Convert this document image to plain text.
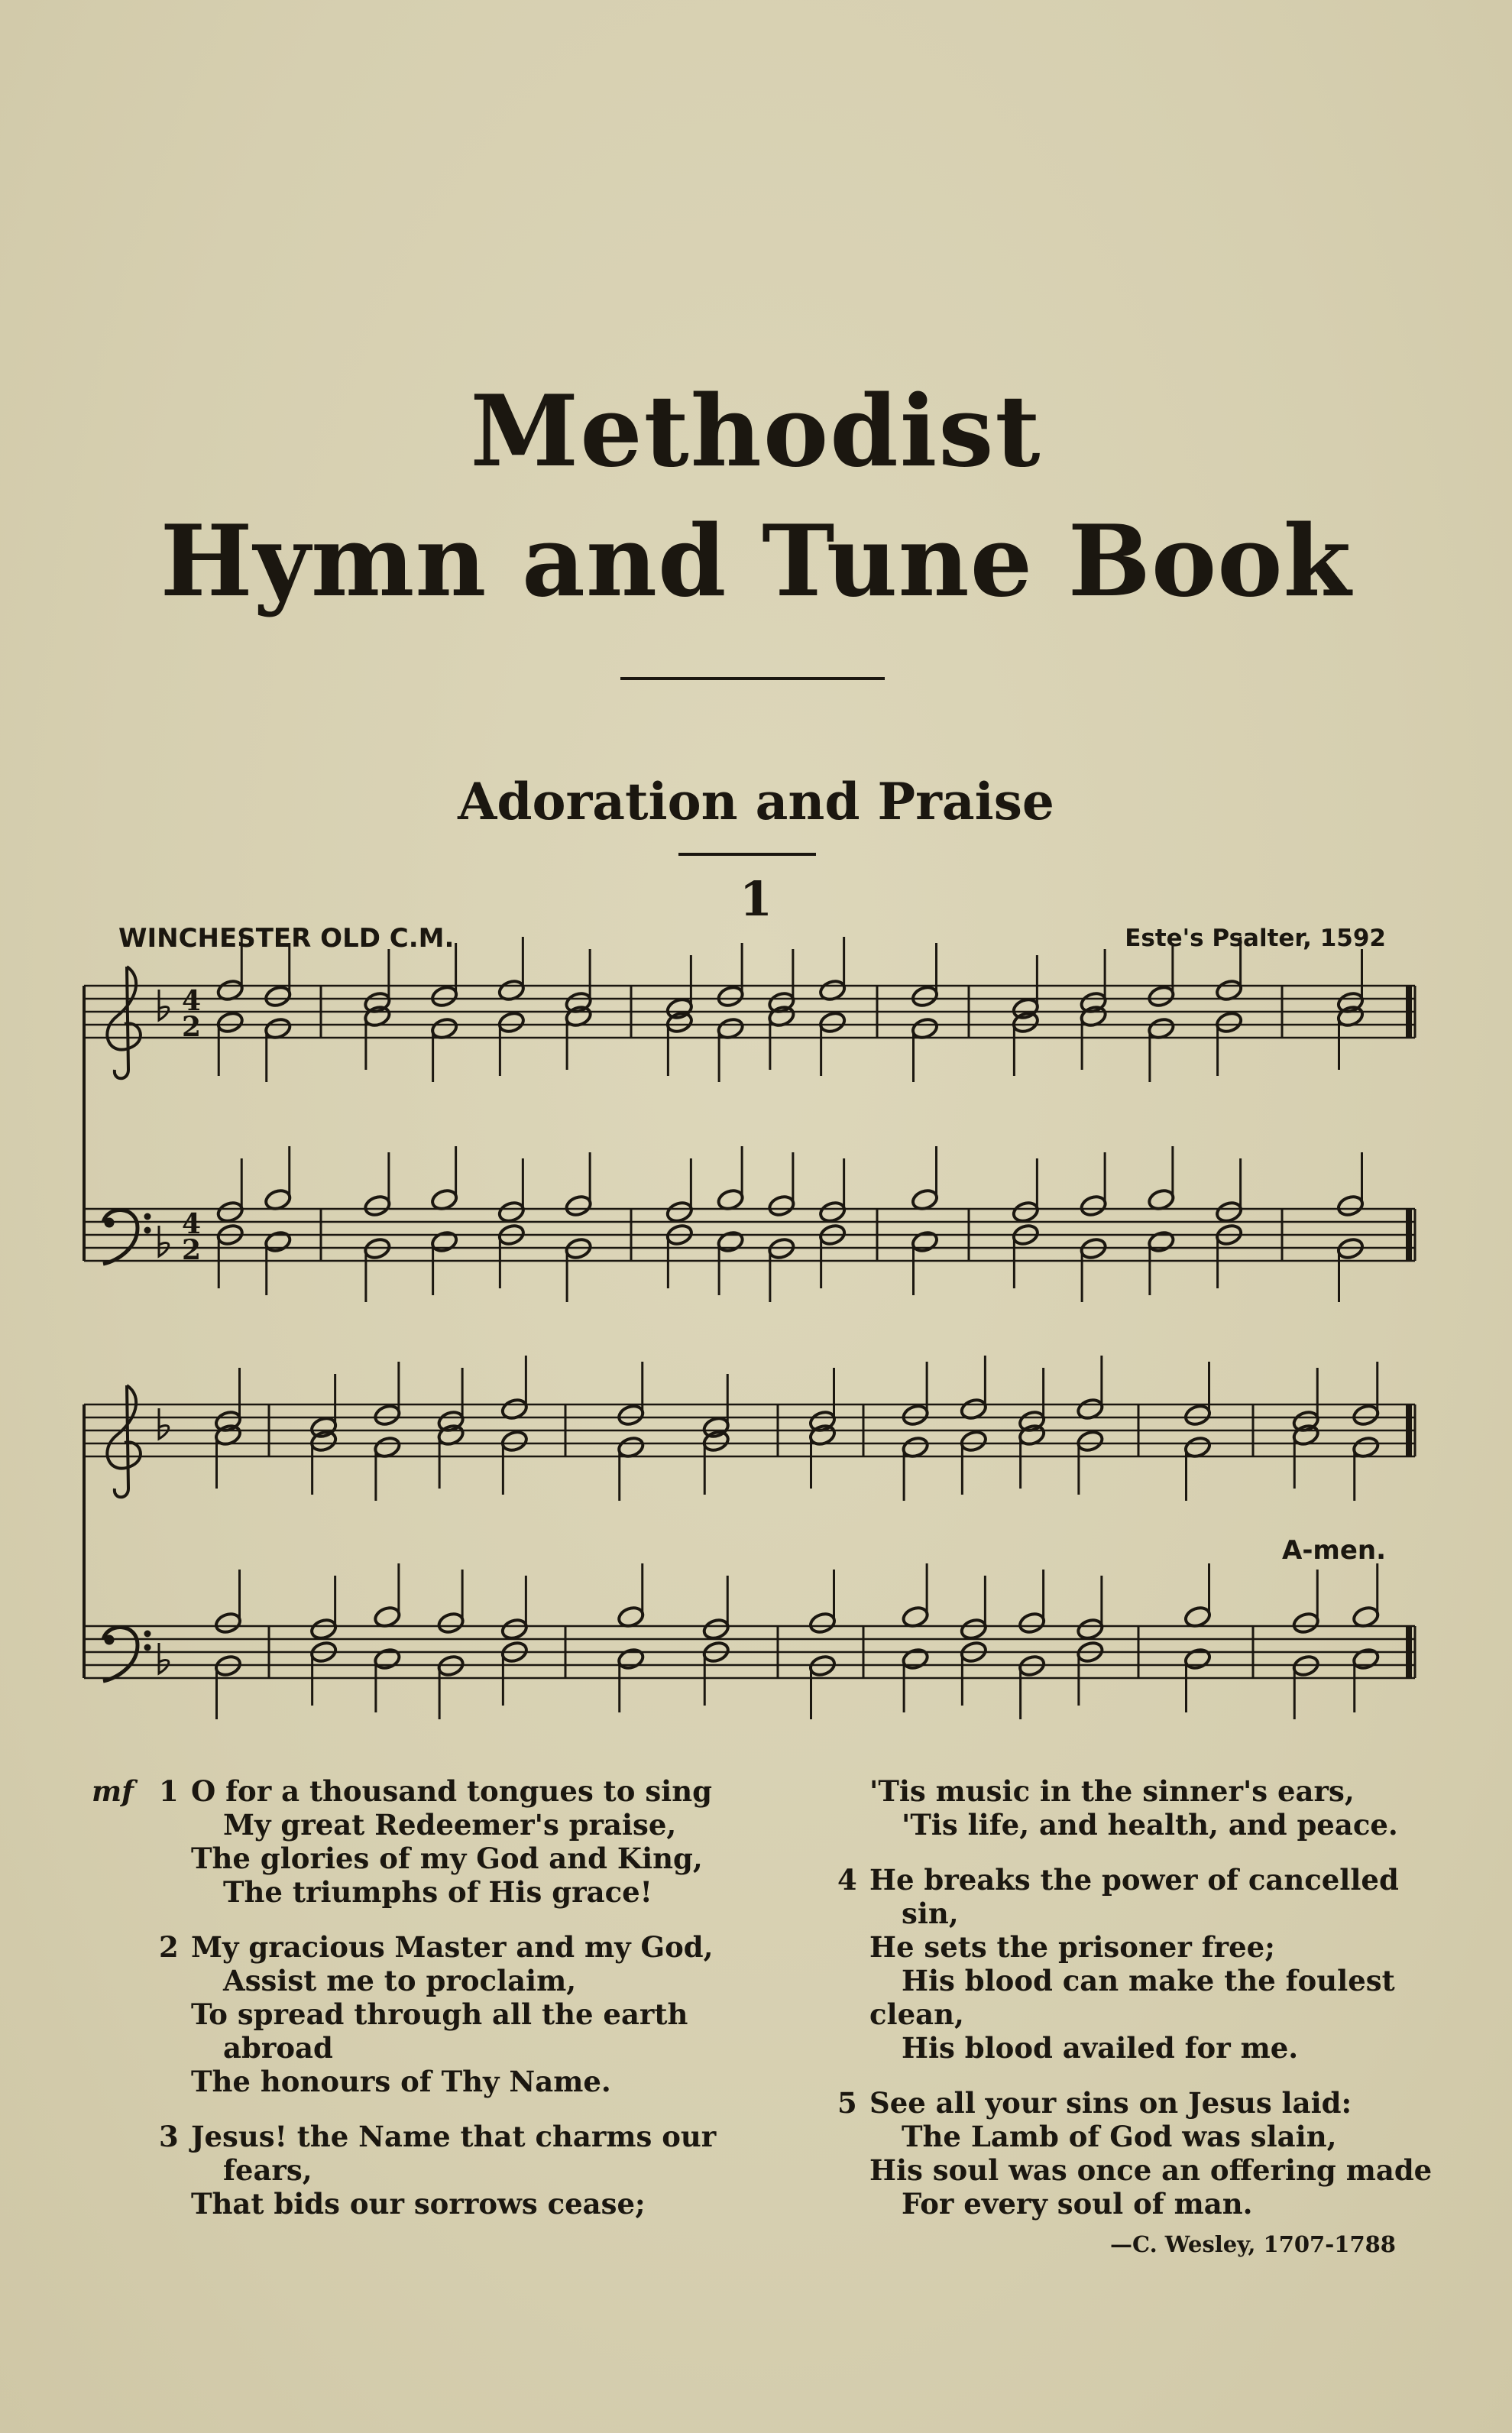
Methodist
Hymn and Tune Book
Adoration and Praise
1
WINCHESTER OLD C.M.	Este's Psalter, 1592
4
2
4
2
A-men.
mf 1 O for a thousand tongues to sing
My great Redeemer's praise,
The glories of my God and King,
The triumphs of His grace!
2 My gracious Master and my God,
Assist me to proclaim,
To spread through all the earth
abroad
The honours of Thy Name.
3 Jesus! the Name that charms our
fears,
That bids our sorrows cease;
'Tis music in the sinner's ears,
'Tis life, and health, and peace.
4 He breaks the power of cancelled
sin,
He sets the prisoner free;
His blood can make the foulest
clean,
His blood availed for me.
5 See all your sins on Jesus laid:
The Lamb of God was slain,
His soul was once an offering made
For every soul of man.
—C. Wesley, 1707-1788
